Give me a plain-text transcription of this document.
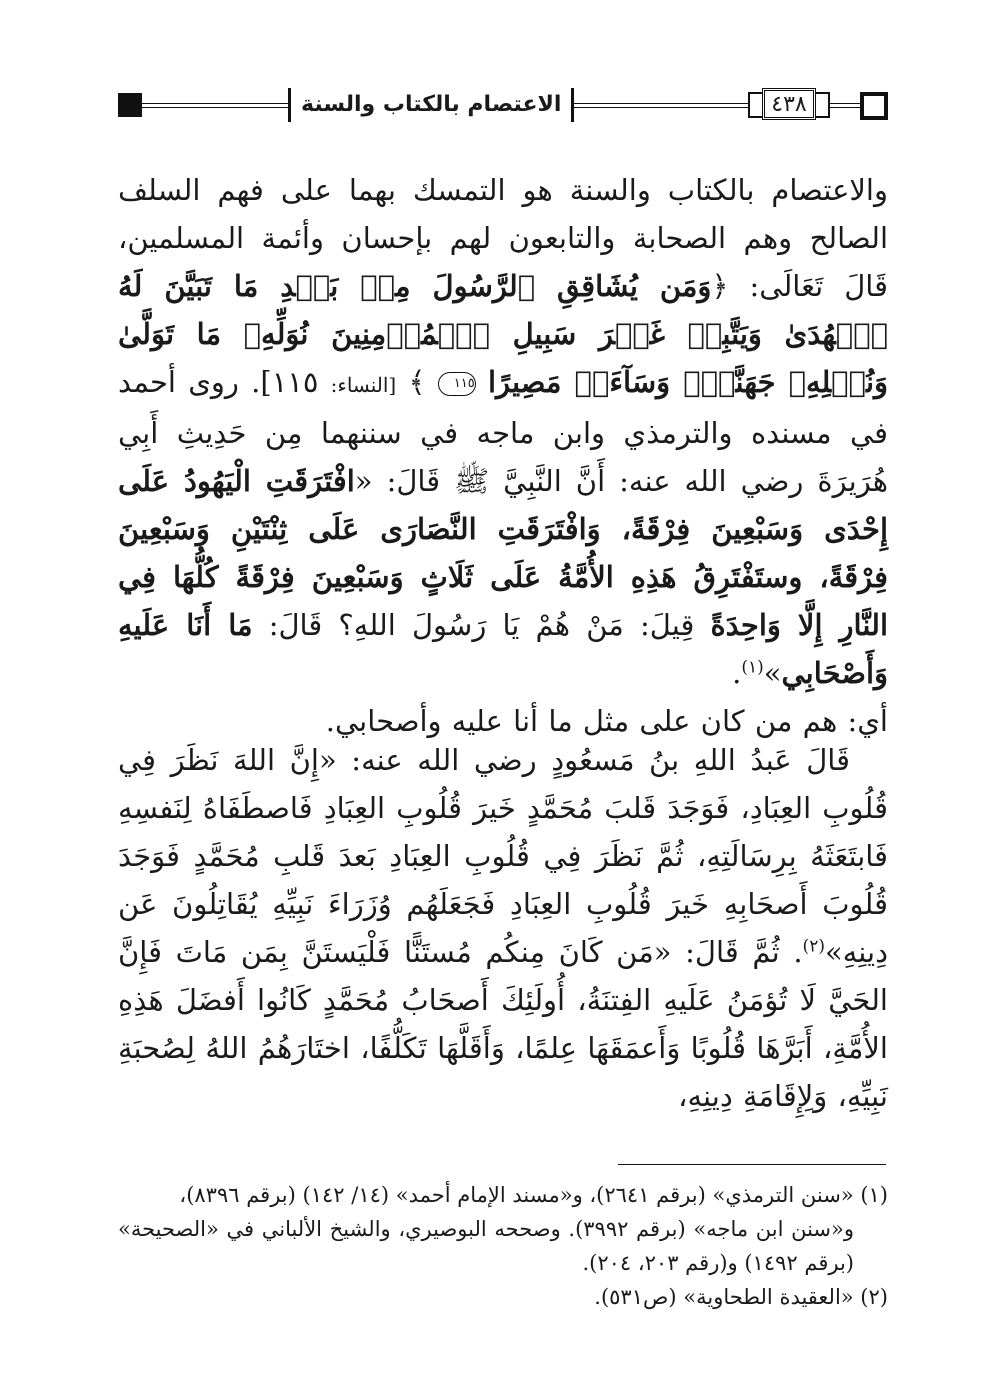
الاعتصام بالكتاب والسنة	٤٣٨

والاعتصام بالكتاب والسنة هو التمسك بهما على فهم السلف الصالح وهم الصحابة والتابعون لهم بإحسان وأئمة المسلمين، قَالَ تَعَالَى: ﴿وَمَن يُشَاقِقِ ٱلرَّسُولَ مِنۢ بَعۡدِ مَا تَبَيَّنَ لَهُ ٱلۡهُدَىٰ وَيَتَّبِعۡ غَيۡرَ سَبِيلِ ٱلۡمُؤۡمِنِينَ نُوَلِّهِۦ مَا تَوَلَّىٰ وَنُصۡلِهِۦ جَهَنَّمَۖ وَسَآءَتۡ مَصِيرًا ١١٥ ﴾ [النساء: ١١٥]. روى أحمد في مسنده والترمذي وابن ماجه في سننهما مِن حَدِيثِ أَبِي هُرَيرَةَ رضي الله عنه: أَنَّ النَّبِيَّ ﷺ قَالَ: «افْتَرَقَتِ الْيَهُودُ عَلَى إِحْدَى وَسَبْعِينَ فِرْقَةً، وَافْتَرَقَتِ النَّصَارَى عَلَى ثِنْتَيْنِ وَسَبْعِينَ فِرْقَةً، وستَفْتَرِقُ هَذِهِ الأُمَّةُ عَلَى ثَلَاثٍ وَسَبْعِينَ فِرْقَةً كُلُّهَا فِي النَّارِ إِلَّا وَاحِدَةً قِيلَ: مَنْ هُمْ يَا رَسُولَ اللهِ؟ قَالَ: مَا أَنَا عَلَيهِ وَأَصْحَابِي»$^{(١)}$.
أي: هم من كان على مثل ما أنا عليه وأصحابي.

قَالَ عَبدُ اللهِ بنُ مَسعُودٍ رضي الله عنه: «إِنَّ اللهَ نَظَرَ فِي قُلُوبِ العِبَادِ، فَوَجَدَ قَلبَ مُحَمَّدٍ خَيرَ قُلُوبِ العِبَادِ فَاصطَفَاهُ لِنَفسِهِ فَابتَعَثَهُ بِرِسَالَتِهِ، ثُمَّ نَظَرَ فِي قُلُوبِ العِبَادِ بَعدَ قَلبِ مُحَمَّدٍ فَوَجَدَ قُلُوبَ أَصحَابِهِ خَيرَ قُلُوبِ العِبَادِ فَجَعَلَهُم وُزَرَاءَ نَبِيِّهِ يُقَاتِلُونَ عَن دِينِهِ»$^{(٢)}$. ثُمَّ قَالَ: «مَن كَانَ مِنكُم مُستَنًّا فَلْيَستَنَّ بِمَن مَاتَ فَإِنَّ الحَيَّ لَا تُؤمَنُ عَلَيهِ الفِتنَةُ، أُولَئِكَ أَصحَابُ مُحَمَّدٍ كَانُوا أَفضَلَ هَذِهِ الأُمَّةِ، أَبَرَّهَا قُلُوبًا وَأَعمَقَهَا عِلمًا، وَأَقَلَّهَا تَكَلُّفًا، اختَارَهُمُ اللهُ لِصُحبَةِ نَبِيِّهِ، وَلِإِقَامَةِ دِينِهِ،

(١) «سنن الترمذي» (برقم ٢٦٤١)، و«مسند الإمام أحمد» (١٤/ ١٤٢) (برقم ٨٣٩٦)،
و«سنن ابن ماجه» (برقم ٣٩٩٢). وصححه البوصيري، والشيخ الألباني في «الصحيحة» (برقم ١٤٩٢) و(رقم ٢٠٣، ٢٠٤).

(٢) «العقيدة الطحاوية» (ص٥٣١).
